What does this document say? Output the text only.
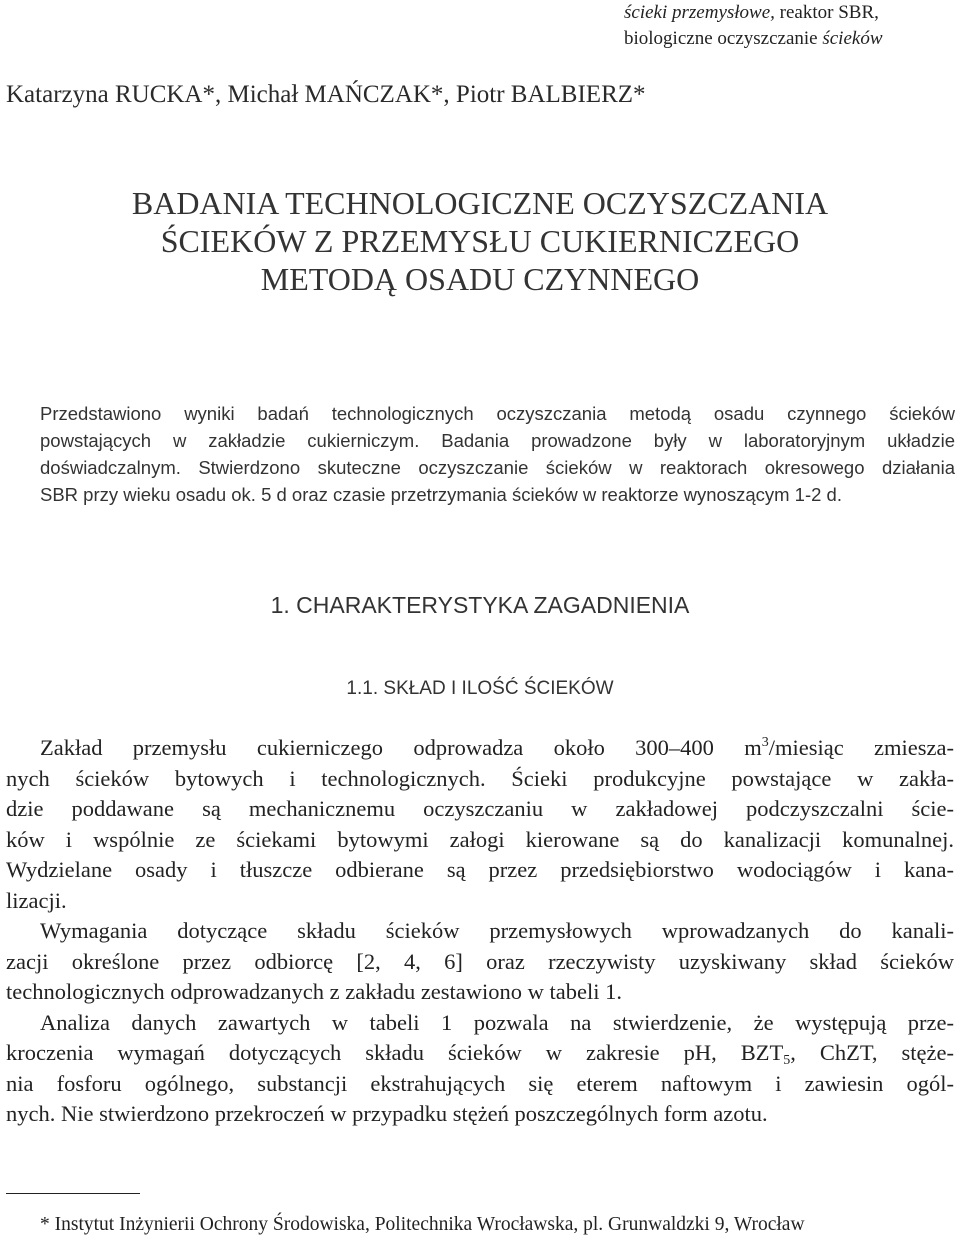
ścieki przemysłowe, reaktor SBR,
biologiczne oczyszczanie ścieków
Katarzyna RUCKA*, Michał MAŃCZAK*, Piotr BALBIERZ*
BADANIA TECHNOLOGICZNE OCZYSZCZANIA
ŚCIEKÓW Z PRZEMYSŁU CUKIERNICZEGO
METODĄ OSADU CZYNNEGO
Przedstawiono wyniki badań technologicznych oczyszczania metodą osadu czynnego ścieków
powstających w zakładzie cukierniczym. Badania prowadzone były w laboratoryjnym układzie
doświadczalnym. Stwierdzono skuteczne oczyszczanie ścieków w reaktorach okresowego działania
SBR przy wieku osadu ok. 5 d oraz czasie przetrzymania ścieków w reaktorze wynoszącym 1-2 d.
1. CHARAKTERYSTYKA ZAGADNIENIA
1.1. SKŁAD I ILOŚĆ ŚCIEKÓW
Zakład przemysłu cukierniczego odprowadza około 300–400 $m^3$/miesiąc zmiesza-
nych ścieków bytowych i technologicznych. Ścieki produkcyjne powstające w zakła-
dzie poddawane są mechanicznemu oczyszczaniu w zakładowej podczyszczalni ście-
ków i wspólnie ze ściekami bytowymi załogi kierowane są do kanalizacji komunalnej.
Wydzielane osady i tłuszcze odbierane są przez przedsiębiorstwo wodociągów i kana-
lizacji.
Wymagania dotyczące składu ścieków przemysłowych wprowadzanych do kanali-
zacji określone przez odbiorcę [2, 4, 6] oraz rzeczywisty uzyskiwany skład ścieków
technologicznych odprowadzanych z zakładu zestawiono w tabeli 1.
Analiza danych zawartych w tabeli 1 pozwala na stwierdzenie, że występują prze-
kroczenia wymagań dotyczących składu ścieków w zakresie pH, $BZT_5$, ChZT, stęże-
nia fosforu ogólnego, substancji ekstrahujących się eterem naftowym i zawiesin ogól-
nych. Nie stwierdzono przekroczeń w przypadku stężeń poszczególnych form azotu.
* Instytut Inżynierii Ochrony Środowiska, Politechnika Wrocławska, pl. Grunwaldzki 9, Wrocław
